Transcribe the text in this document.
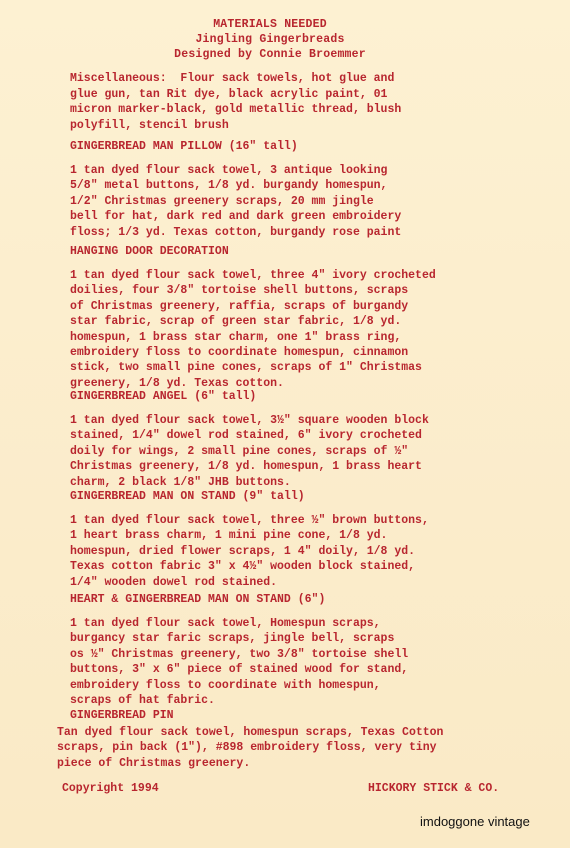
MATERIALS NEEDED
Jingling Gingerbreads
Designed by Connie Broemmer
Miscellaneous:  Flour sack towels, hot glue and
glue gun, tan Rit dye, black acrylic paint, 01
micron marker-black, gold metallic thread, blush
polyfill, stencil brush
GINGERBREAD MAN PILLOW (16" tall)
1 tan dyed flour sack towel, 3 antique looking
5/8" metal buttons, 1/8 yd. burgandy homespun,
1/2" Christmas greenery scraps, 20 mm jingle
bell for hat, dark red and dark green embroidery
floss; 1/3 yd. Texas cotton, burgandy rose paint
HANGING DOOR DECORATION
1 tan dyed flour sack towel, three 4" ivory crocheted
doilies, four 3/8" tortoise shell buttons, scraps
of Christmas greenery, raffia, scraps of burgandy
star fabric, scrap of green star fabric, 1/8 yd.
homespun, 1 brass star charm, one 1" brass ring,
embroidery floss to coordinate homespun, cinnamon
stick, two small pine cones, scraps of 1" Christmas
greenery, 1/8 yd. Texas cotton.
GINGERBREAD ANGEL (6" tall)
1 tan dyed flour sack towel, 3½" square wooden block
stained, 1/4" dowel rod stained, 6" ivory crocheted
doily for wings, 2 small pine cones, scraps of ½"
Christmas greenery, 1/8 yd. homespun, 1 brass heart
charm, 2 black 1/8" JHB buttons.
GINGERBREAD MAN ON STAND (9" tall)
1 tan dyed flour sack towel, three ½" brown buttons,
1 heart brass charm, 1 mini pine cone, 1/8 yd.
homespun, dried flower scraps, 1 4" doily, 1/8 yd.
Texas cotton fabric 3" x 4½" wooden block stained,
1/4" wooden dowel rod stained.
HEART & GINGERBREAD MAN ON STAND (6")
1 tan dyed flour sack towel, Homespun scraps,
burgancy star faric scraps, jingle bell, scraps
os ½" Christmas greenery, two 3/8" tortoise shell
buttons, 3" x 6" piece of stained wood for stand,
embroidery floss to coordinate with homespun,
scraps of hat fabric.
GINGERBREAD PIN
Tan dyed flour sack towel, homespun scraps, Texas Cotton
scraps, pin back (1"), #898 embroidery floss, very tiny
piece of Christmas greenery.
Copyright 1994	HICKORY STICK & CO.
imdoggone vintage
